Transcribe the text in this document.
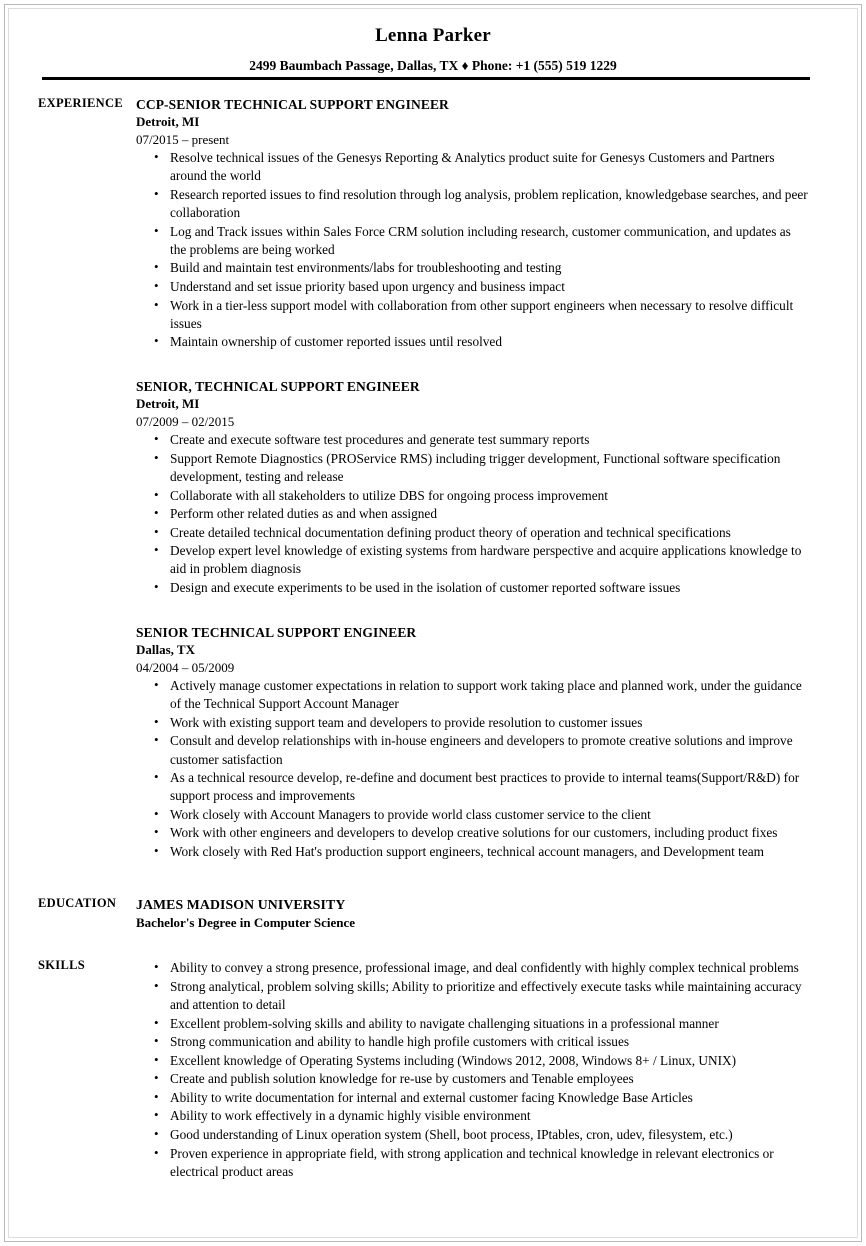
Lenna Parker
2499 Baumbach Passage, Dallas, TX ♦ Phone: +1 (555) 519 1229
EXPERIENCE CCP-SENIOR TECHNICAL SUPPORT ENGINEER
Detroit, MI
07/2015 – present
• Resolve technical issues of the Genesys Reporting & Analytics product suite for Genesys Customers and Partners around the world
• Research reported issues to find resolution through log analysis, problem replication, knowledgebase searches, and peer collaboration
• Log and Track issues within Sales Force CRM solution including research, customer communication, and updates as the problems are being worked
• Build and maintain test environments/labs for troubleshooting and testing
• Understand and set issue priority based upon urgency and business impact
• Work in a tier-less support model with collaboration from other support engineers when necessary to resolve difficult issues
• Maintain ownership of customer reported issues until resolved
SENIOR, TECHNICAL SUPPORT ENGINEER
Detroit, MI
07/2009 – 02/2015
• Create and execute software test procedures and generate test summary reports
• Support Remote Diagnostics (PROService RMS) including trigger development, Functional software specification development, testing and release
• Collaborate with all stakeholders to utilize DBS for ongoing process improvement
• Perform other related duties as and when assigned
• Create detailed technical documentation defining product theory of operation and technical specifications
• Develop expert level knowledge of existing systems from hardware perspective and acquire applications knowledge to aid in problem diagnosis
• Design and execute experiments to be used in the isolation of customer reported software issues
SENIOR TECHNICAL SUPPORT ENGINEER
Dallas, TX
04/2004 – 05/2009
• Actively manage customer expectations in relation to support work taking place and planned work, under the guidance of the Technical Support Account Manager
• Work with existing support team and developers to provide resolution to customer issues
• Consult and develop relationships with in-house engineers and developers to promote creative solutions and improve customer satisfaction
• As a technical resource develop, re-define and document best practices to provide to internal teams(Support/R&D) for support process and improvements
• Work closely with Account Managers to provide world class customer service to the client
• Work with other engineers and developers to develop creative solutions for our customers, including product fixes
• Work closely with Red Hat's production support engineers, technical account managers, and Development team
EDUCATION	JAMES MADISON UNIVERSITY
Bachelor's Degree in Computer Science
SKILLS	• Ability to convey a strong presence, professional image, and deal confidently with highly complex technical problems
• Strong analytical, problem solving skills; Ability to prioritize and effectively execute tasks while maintaining accuracy and attention to detail
• Excellent problem-solving skills and ability to navigate challenging situations in a professional manner
• Strong communication and ability to handle high profile customers with critical issues
• Excellent knowledge of Operating Systems including (Windows 2012, 2008, Windows 8+ / Linux, UNIX)
• Create and publish solution knowledge for re-use by customers and Tenable employees
• Ability to write documentation for internal and external customer facing Knowledge Base Articles
• Ability to work effectively in a dynamic highly visible environment
• Good understanding of Linux operation system (Shell, boot process, IPtables, cron, udev, filesystem, etc.)
• Proven experience in appropriate field, with strong application and technical knowledge in relevant electronics or electrical product areas
